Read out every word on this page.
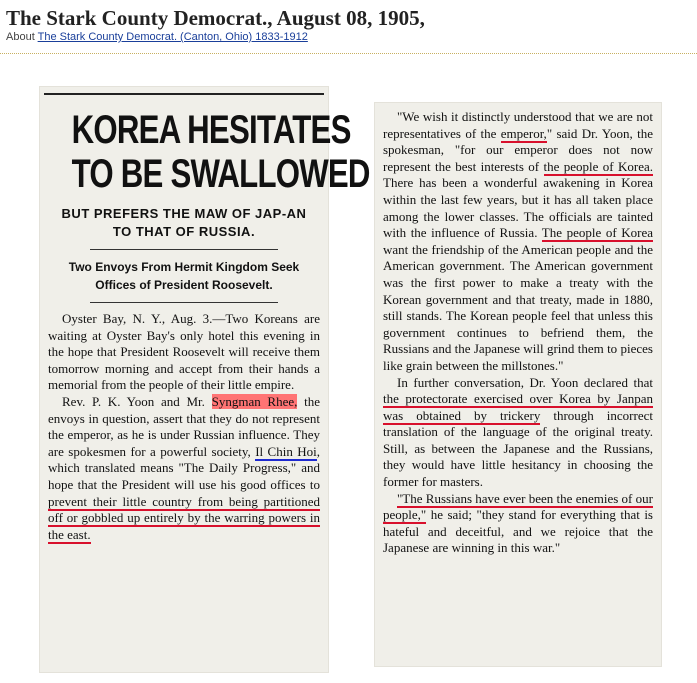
The Stark County Democrat., August 08, 1905,
About The Stark County Democrat. (Canton, Ohio) 1833-1912
KOREA HESITATES
TO BE SWALLOWED
BUT PREFERS THE MAW OF JAP-AN TO THAT OF RUSSIA.
Two Envoys From Hermit Kingdom Seek Offices of President Roosevelt.

Oyster Bay, N. Y., Aug. 3.—Two Koreans are waiting at Oyster Bay's only hotel this evening in the hope that President Roosevelt will receive them tomorrow morning and accept from their hands a memorial from the people of their little empire.

Rev. P. K. Yoon and Mr. Syngman Rhee, the envoys in question, assert that they do not represent the emperor, as he is under Russian influence. They are spokesmen for a powerful society, Il Chin Hoi, which translated means "The Daily Progress," and hope that the President will use his good offices to prevent their little country from being partitioned off or gobbled up entirely by the warring powers in the east.

"We wish it distinctly understood that we are not representatives of the emperor," said Dr. Yoon, the spokesman, "for our emperor does not now represent the best interests of the people of Korea. There has been a wonderful awakening in Korea within the last few years, but it has all taken place among the lower classes. The officials are tainted with the influence of Russia. The people of Korea want the friendship of the American people and the American government. The American government was the first power to make a treaty with the Korean government and that treaty, made in 1880, still stands. The Korean people feel that unless this government continues to befriend them, the Russians and the Japanese will grind them to pieces like grain between the millstones."

In further conversation, Dr. Yoon declared that the protectorate exercised over Korea by Janpan was obtained by trickery through incorrect translation of the language of the original treaty. Still, as between the Japanese and the Russians, they would have little hesitancy in choosing the former for masters.

"The Russians have ever been the enemies of our people," he said; "they stand for everything that is hateful and deceitful, and we rejoice that the Japanese are winning in this war."
